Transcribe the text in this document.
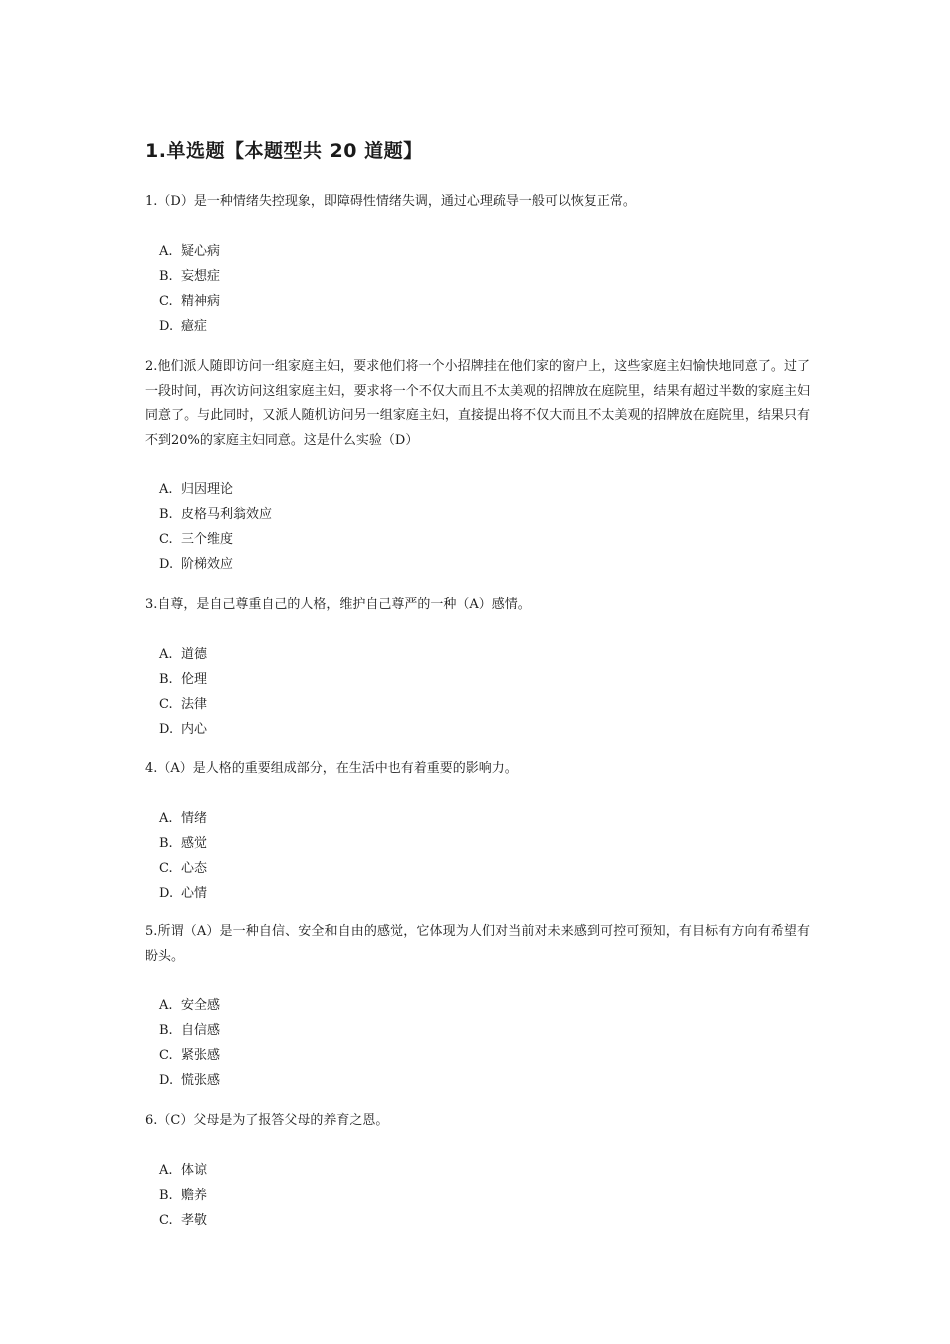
1.单选题【本题型共 20 道题】
1.（D）是一种情绪失控现象，即障碍性情绪失调，通过心理疏导一般可以恢复正常。
A. 疑心病
B. 妄想症
C. 精神病
D. 癔症
2.他们派人随即访问一组家庭主妇，要求他们将一个小招牌挂在他们家的窗户上，这些家庭主妇愉快地同意了。过了一段时间，再次访问这组家庭主妇，要求将一个不仅大而且不太美观的招牌放在庭院里，结果有超过半数的家庭主妇同意了。与此同时，又派人随机访问另一组家庭主妇，直接提出将不仅大而且不太美观的招牌放在庭院里，结果只有不到20%的家庭主妇同意。这是什么实验（D）
A. 归因理论
B. 皮格马利翁效应
C. 三个维度
D. 阶梯效应
3.自尊，是自己尊重自己的人格，维护自己尊严的一种（A）感情。
A. 道德
B. 伦理
C. 法律
D. 内心
4.（A）是人格的重要组成部分，在生活中也有着重要的影响力。
A. 情绪
B. 感觉
C. 心态
D. 心情
5.所谓（A）是一种自信、安全和自由的感觉，它体现为人们对当前对未来感到可控可预知，有目标有方向有希望有盼头。
A. 安全感
B. 自信感
C. 紧张感
D. 慌张感
6.（C）父母是为了报答父母的养育之恩。
A. 体谅
B. 赡养
C. 孝敬
